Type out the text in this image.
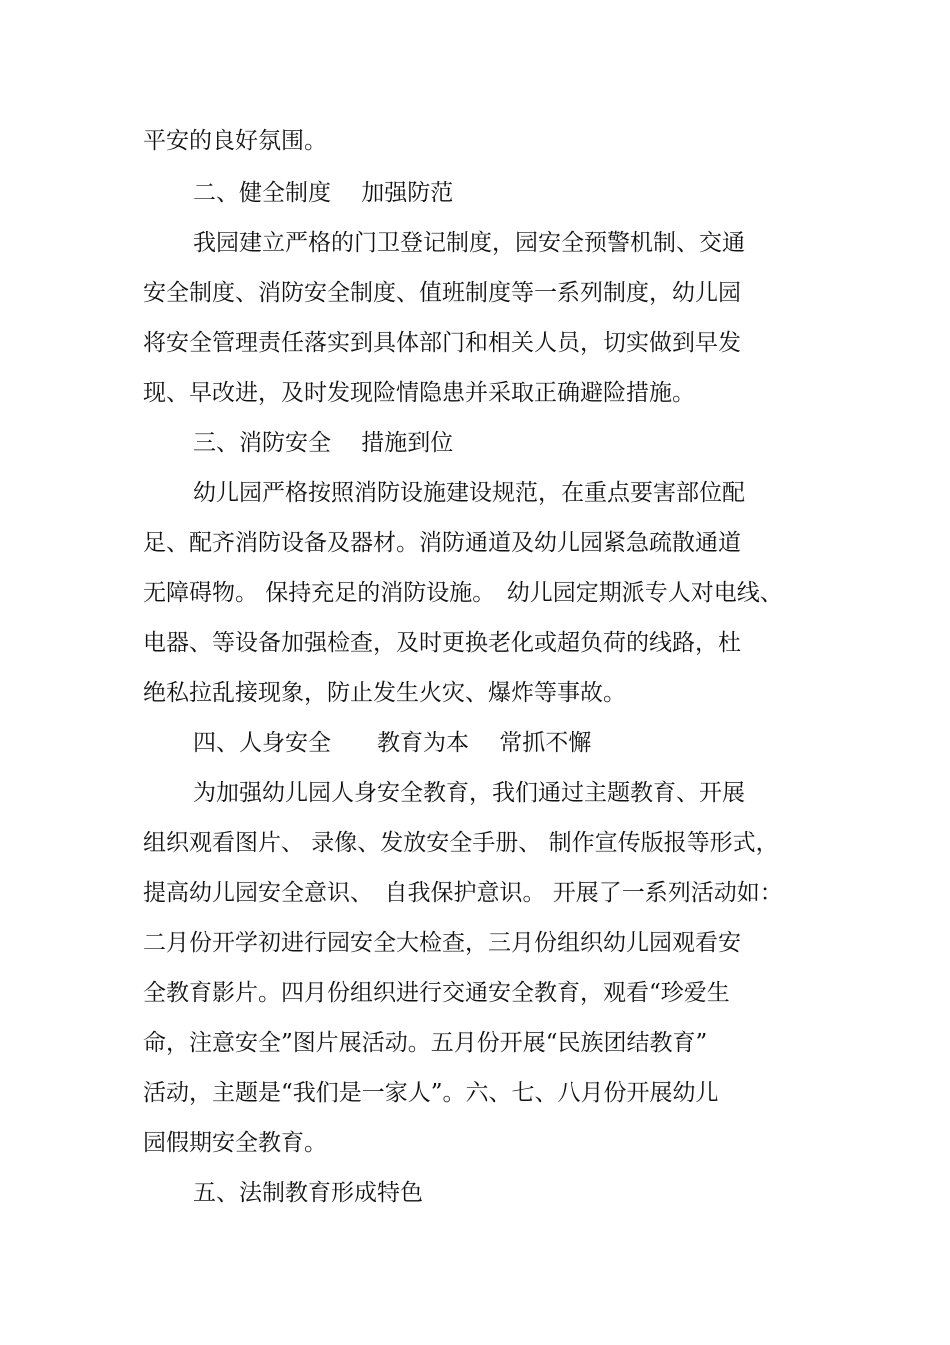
平安的良好氛围。
二、健全制度　 加强防范
我园建立严格的门卫登记制度，园安全预警机制、交通
安全制度、消防安全制度、值班制度等一系列制度，幼儿园
将安全管理责任落实到具体部门和相关人员，切实做到早发
现、早改进，及时发现险情隐患并采取正确避险措施。
三、消防安全　 措施到位
幼儿园严格按照消防设施建设规范，在重点要害部位配
足、配齐消防设备及器材。消防通道及幼儿园紧急疏散通道
无障碍物。 保持充足的消防设施。　幼儿园定期派专人对电线、
电器、等设备加强检查，及时更换老化或超负荷的线路，杜
绝私拉乱接现象，防止发生火灾、爆炸等事故。
四、人身安全　　教育为本　 常抓不懈
为加强幼儿园人身安全教育，我们通过主题教育、开展
组织观看图片、 录像、发放安全手册、 制作宣传版报等形式，
提高幼儿园安全意识、　自我保护意识。 开展了一系列活动如：
二月份开学初进行园安全大检查，三月份组织幼儿园观看安
全教育影片。四月份组织进行交通安全教育，观看“珍爱生
命，注意安全”图片展活动。五月份开展“民族团结教育”
活动，主题是“我们是一家人”。六、七、八月份开展幼儿
园假期安全教育。
五、法制教育形成特色
